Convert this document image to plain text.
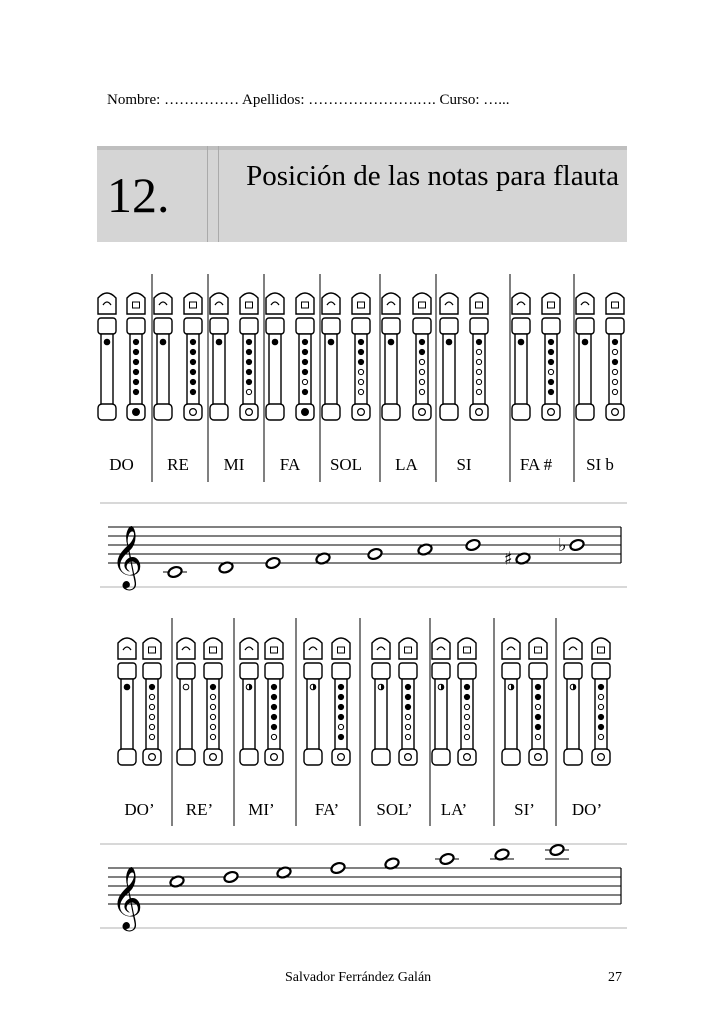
Nombre: …………… Apellidos: ………………….…. Curso: …...
12.	Posición de las notas para flauta
𝄞	♯
♭
𝄞
DO	RE	MI	FA	SOL	LA	SI	FA #	SI b
DO’	RE’	MI’	FA’	SOL’	LA’	SI’	DO’
Salvador Ferrández Galán	27
